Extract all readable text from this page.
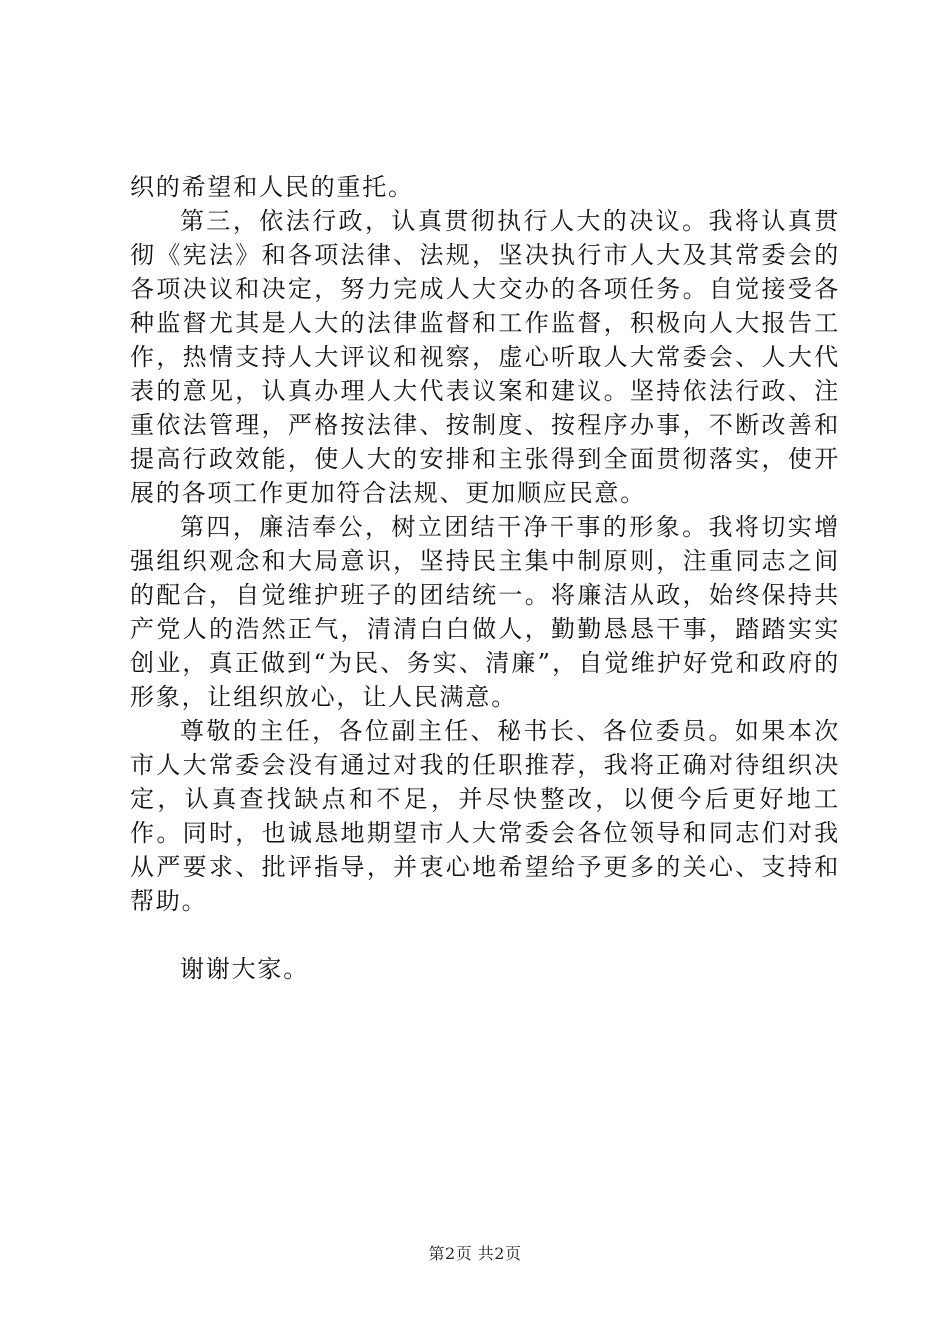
织的希望和人民的重托。

第三，依法行政，认真贯彻执行人大的决议。我将认真贯彻《宪法》和各项法律、法规，坚决执行市人大及其常委会的各项决议和决定，努力完成人大交办的各项任务。自觉接受各种监督尤其是人大的法律监督和工作监督，积极向人大报告工作，热情支持人大评议和视察，虚心听取人大常委会、人大代表的意见，认真办理人大代表议案和建议。坚持依法行政、注重依法管理，严格按法律、按制度、按程序办事，不断改善和提高行政效能，使人大的安排和主张得到全面贯彻落实，使开展的各项工作更加符合法规、更加顺应民意。

第四，廉洁奉公，树立团结干净干事的形象。我将切实增强组织观念和大局意识，坚持民主集中制原则，注重同志之间的配合，自觉维护班子的团结统一。将廉洁从政，始终保持共产党人的浩然正气，清清白白做人，勤勤恳恳干事，踏踏实实创业，真正做到“为民、务实、清廉”，自觉维护好党和政府的形象，让组织放心，让人民满意。

尊敬的主任，各位副主任、秘书长、各位委员。如果本次市人大常委会没有通过对我的任职推荐，我将正确对待组织决定，认真查找缺点和不足，并尽快整改，以便今后更好地工作。同时，也诚恳地期望市人大常委会各位领导和同志们对我从严要求、批评指导，并衷心地希望给予更多的关心、支持和帮助。

谢谢大家。

第2页 共2页
